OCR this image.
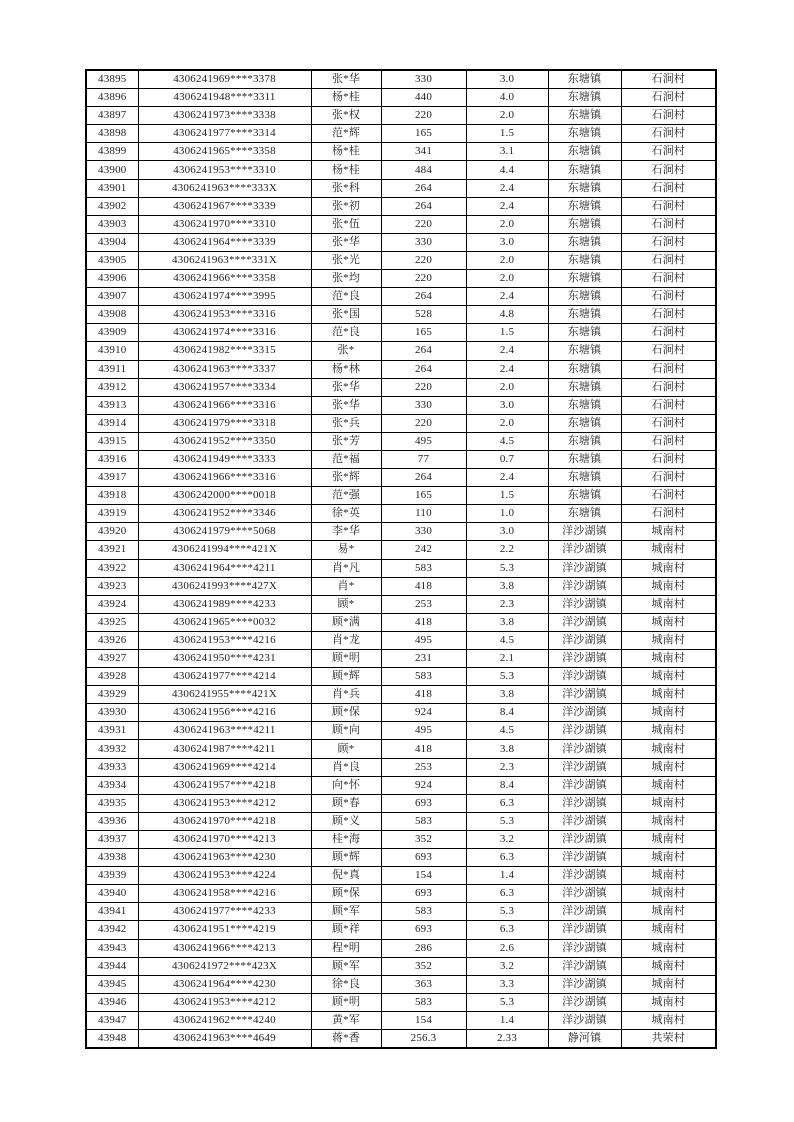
43895	4306241969****3378	张*华	330	3.0	东塘镇	石涧村
43896	4306241948****3311	杨*桂	440	4.0	东塘镇	石涧村
43897	4306241973****3338	张*权	220	2.0	东塘镇	石涧村
43898	4306241977****3314	范*辉	165	1.5	东塘镇	石涧村
43899	4306241965****3358	杨*桂	341	3.1	东塘镇	石涧村
43900	4306241953****3310	杨*桂	484	4.4	东塘镇	石涧村
43901	4306241963****333X	张*科	264	2.4	东塘镇	石涧村
43902	4306241967****3339	张*初	264	2.4	东塘镇	石涧村
43903	4306241970****3310	张*伍	220	2.0	东塘镇	石涧村
43904	4306241964****3339	张*华	330	3.0	东塘镇	石涧村
43905	4306241963****331X	张*光	220	2.0	东塘镇	石涧村
43906	4306241966****3358	张*均	220	2.0	东塘镇	石涧村
43907	4306241974****3995	范*良	264	2.4	东塘镇	石涧村
43908	4306241953****3316	张*国	528	4.8	东塘镇	石涧村
43909	4306241974****3316	范*良	165	1.5	东塘镇	石涧村
43910	4306241982****3315	张*	264	2.4	东塘镇	石涧村
43911	4306241963****3337	杨*林	264	2.4	东塘镇	石涧村
43912	4306241957****3334	张*华	220	2.0	东塘镇	石涧村
43913	4306241966****3316	张*华	330	3.0	东塘镇	石涧村
43914	4306241979****3318	张*兵	220	2.0	东塘镇	石涧村
43915	4306241952****3350	张*芳	495	4.5	东塘镇	石涧村
43916	4306241949****3333	范*福	77	0.7	东塘镇	石涧村
43917	4306241966****3316	张*辉	264	2.4	东塘镇	石涧村
43918	4306242000****0018	范*强	165	1.5	东塘镇	石涧村
43919	4306241952****3346	徐*英	110	1.0	东塘镇	石涧村
43920	4306241979****5068	李*华	330	3.0	洋沙湖镇	城南村
43921	4306241994****421X	易*	242	2.2	洋沙湖镇	城南村
43922	4306241964****4211	肖*凡	583	5.3	洋沙湖镇	城南村
43923	4306241993****427X	肖*	418	3.8	洋沙湖镇	城南村
43924	4306241989****4233	顾*	253	2.3	洋沙湖镇	城南村
43925	4306241965****0032	顾*满	418	3.8	洋沙湖镇	城南村
43926	4306241953****4216	肖*龙	495	4.5	洋沙湖镇	城南村
43927	4306241950****4231	顾*明	231	2.1	洋沙湖镇	城南村
43928	4306241977****4214	顾*辉	583	5.3	洋沙湖镇	城南村
43929	4306241955****421X	肖*兵	418	3.8	洋沙湖镇	城南村
43930	4306241956****4216	顾*保	924	8.4	洋沙湖镇	城南村
43931	4306241963****4211	顾*向	495	4.5	洋沙湖镇	城南村
43932	4306241987****4211	顾*	418	3.8	洋沙湖镇	城南村
43933	4306241969****4214	肖*良	253	2.3	洋沙湖镇	城南村
43934	4306241957****4218	向*怀	924	8.4	洋沙湖镇	城南村
43935	4306241953****4212	顾*春	693	6.3	洋沙湖镇	城南村
43936	4306241970****4218	顾*义	583	5.3	洋沙湖镇	城南村
43937	4306241970****4213	桂*海	352	3.2	洋沙湖镇	城南村
43938	4306241963****4230	顾*辉	693	6.3	洋沙湖镇	城南村
43939	4306241953****4224	倪*真	154	1.4	洋沙湖镇	城南村
43940	4306241958****4216	顾*保	693	6.3	洋沙湖镇	城南村
43941	4306241977****4233	顾*军	583	5.3	洋沙湖镇	城南村
43942	4306241951****4219	顾*祥	693	6.3	洋沙湖镇	城南村
43943	4306241966****4213	程*明	286	2.6	洋沙湖镇	城南村
43944	4306241972****423X	顾*军	352	3.2	洋沙湖镇	城南村
43945	4306241964****4230	徐*良	363	3.3	洋沙湖镇	城南村
43946	4306241953****4212	顾*明	583	5.3	洋沙湖镇	城南村
43947	4306241962****4240	黄*军	154	1.4	洋沙湖镇	城南村
43948	4306241963****4649	蒋*香	256.3	2.33	静河镇	共荣村
